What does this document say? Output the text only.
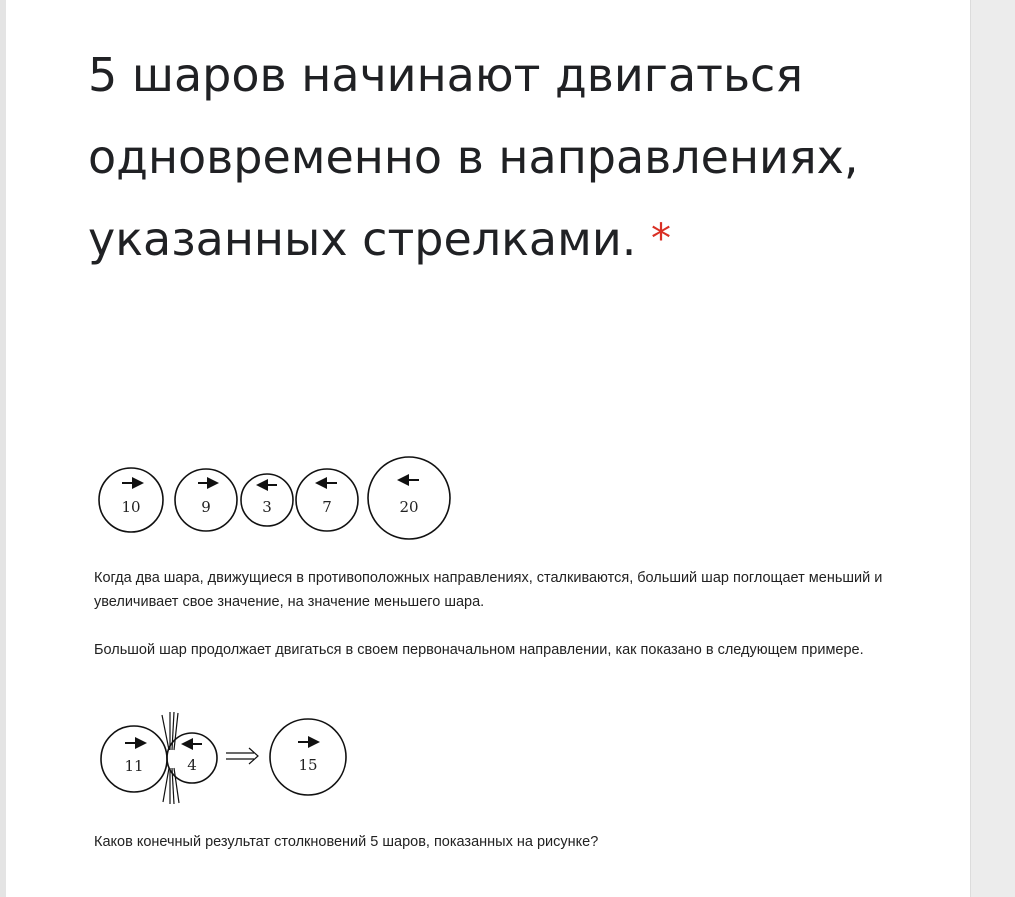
5 шаров начинают двигаться одновременно в направлениях, указанных стрелками. *
10	9	3	7	20
11	4	15

Когда два шара, движущиеся в противоположных направлениях, сталкиваются, больший шар поглощает меньший и увеличивает свое значение, на значение меньшего шара.

Большой шар продолжает двигаться в своем первоначальном направлении, как показано в следующем примере.

Каков конечный результат столкновений 5 шаров, показанных на рисунке?
